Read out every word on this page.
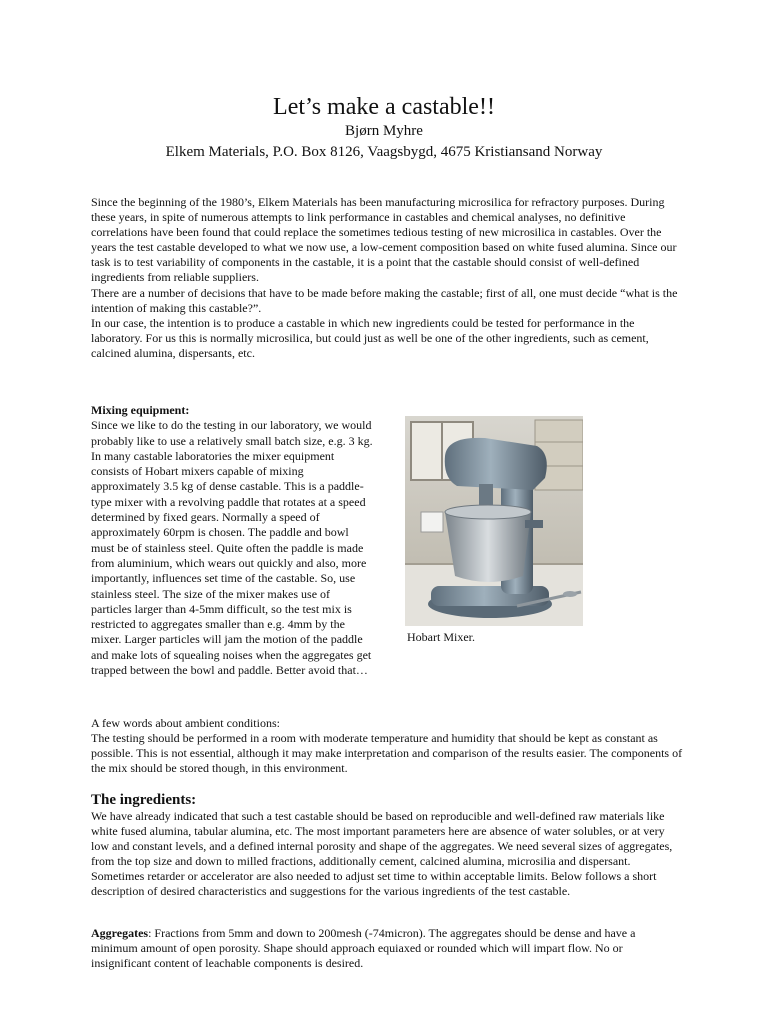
Let’s make a castable!!
Bjørn Myhre
Elkem Materials, P.O. Box 8126, Vaagsbygd, 4675 Kristiansand Norway

Since the beginning of the 1980’s, Elkem Materials has been manufacturing microsilica for refractory purposes. During these years, in spite of numerous attempts to link performance in castables and chemical analyses, no definitive correlations have been found that could replace the sometimes tedious testing of new microsilica in castables. Over the years the test castable developed to what we now use, a low-cement composition based on white fused alumina. Since our task is to test variability of components in the castable, it is a point that the castable should consist of well-defined ingredients from reliable suppliers.

There are a number of decisions that have to be made before making the castable; first of all, one must decide “what is the intention of making this castable?”.

In our case, the intention is to produce a castable in which new ingredients could be tested for performance in the laboratory. For us this is normally microsilica, but could just as well be one of the other ingredients, such as cement, calcined alumina, dispersants, etc.

Mixing equipment:
Since we like to do the testing in our laboratory, we would probably like to use a relatively small batch size, e.g. 3 kg. In many castable laboratories the mixer equipment consists of Hobart mixers capable of mixing approximately 3.5 kg of dense castable. This is a paddle-type mixer with a revolving paddle that rotates at a speed determined by fixed gears. Normally a speed of approximately 60rpm is chosen. The paddle and bowl must be of stainless steel. Quite often the paddle is made from aluminium, which wears out quickly and also, more importantly, influences set time of the castable. So, use stainless steel. The size of the mixer makes use of particles larger than 4-5mm difficult, so the test mix is restricted to aggregates smaller than e.g. 4mm by the mixer. Larger particles will jam the motion of the paddle and make lots of squealing noises when the aggregates get trapped between the bowl and paddle. Better avoid that…
Hobart Mixer.

A few words about ambient conditions:

The testing should be performed in a room with moderate temperature and humidity that should be kept as constant as possible. This is not essential, although it may make interpretation and comparison of the results easier. The components of the mix should be stored though, in this environment.

The ingredients:

We have already indicated that such a test castable should be based on reproducible and well-defined raw materials like white fused alumina, tabular alumina, etc. The most important parameters here are absence of water solubles, or at very low and constant levels, and a defined internal porosity and shape of the aggregates. We need several sizes of aggregates, from the top size and down to milled fractions, additionally cement, calcined alumina, microsilia and dispersant. Sometimes retarder or accelerator are also needed to adjust set time to within acceptable limits. Below follows a short description of desired characteristics and suggestions for the various ingredients of the test castable.

Aggregates: Fractions from 5mm and down to 200mesh (-74micron). The aggregates should be dense and have a minimum amount of open porosity. Shape should approach equiaxed or rounded which will impart flow. No or insignificant content of leachable components is desired.
